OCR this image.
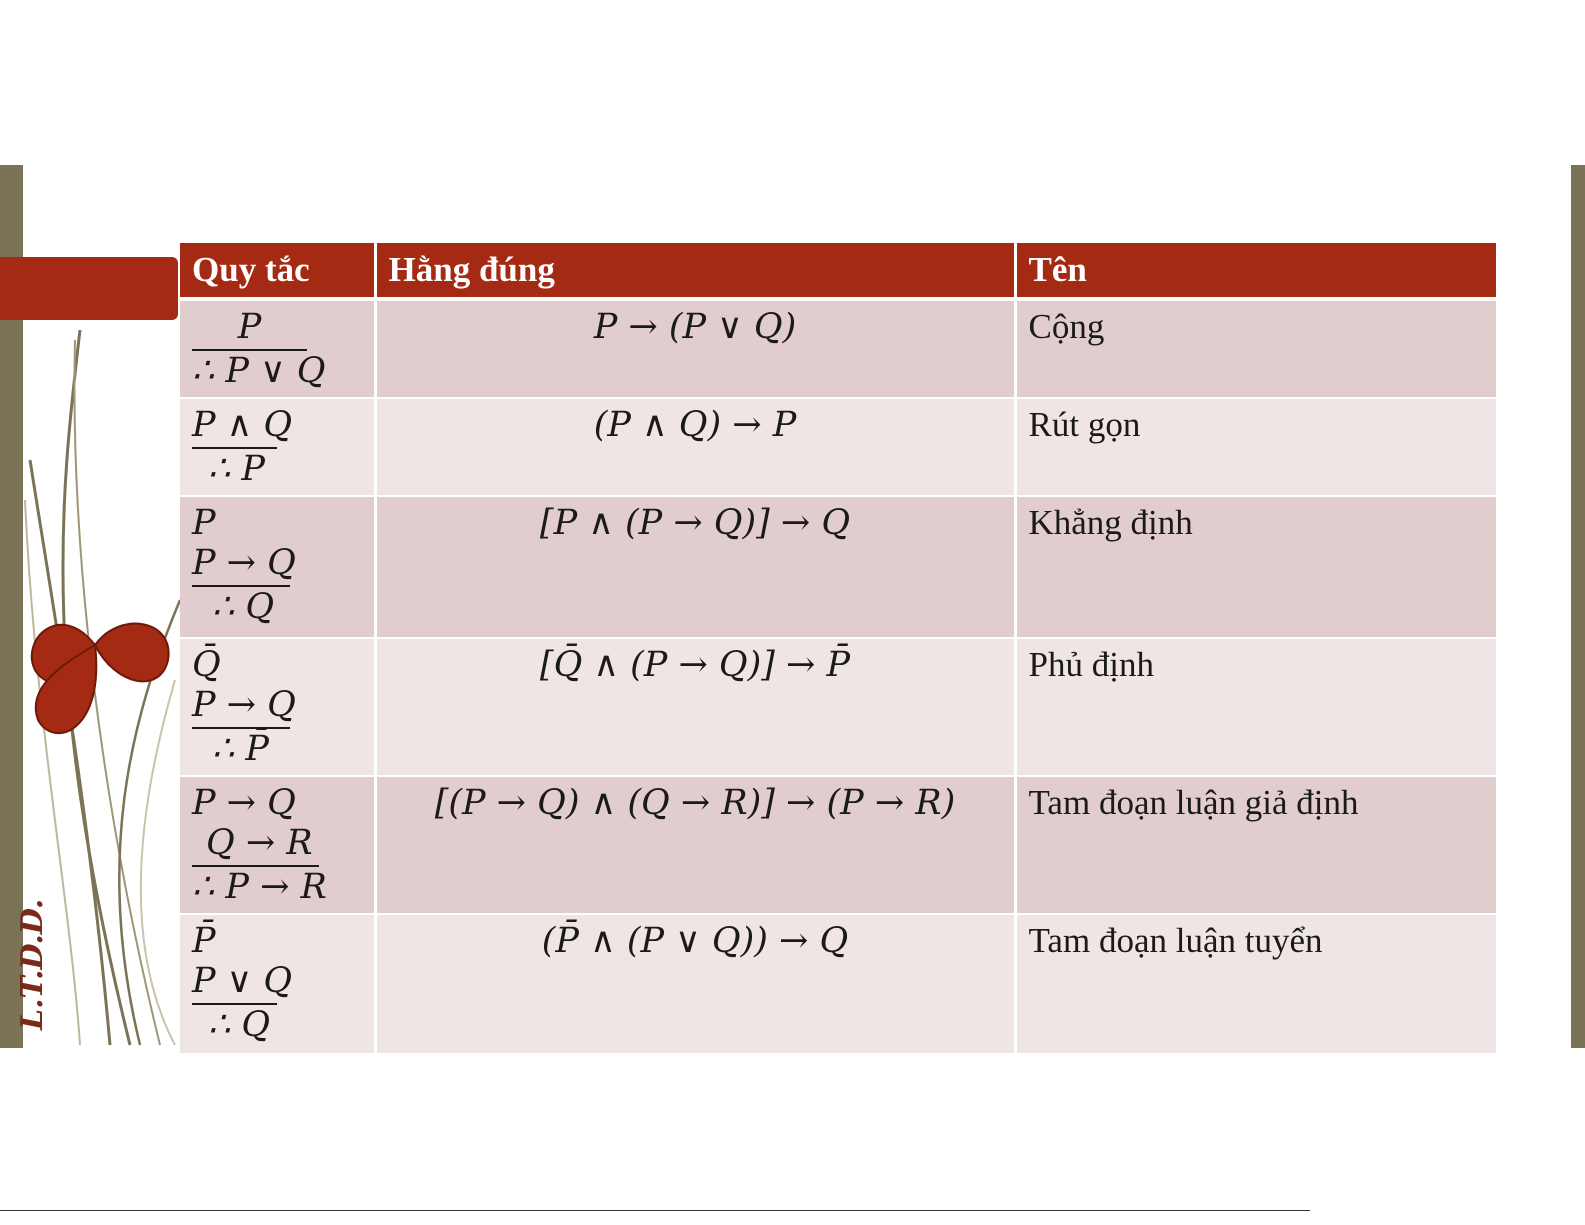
L.T.D.D.
Quy tắc	Hằng đúng	Tên

P
∴ P ∨ Q	P → (P ∨ Q)	Cộng

P ∧ Q
∴ P	(P ∧ Q) → P	Rút gọn

P
P → Q
∴ Q	[P ∧ (P → Q)] → Q	Khẳng định

Q̄
P → Q
∴ P̄	[Q̄ ∧ (P → Q)] → P̄	Phủ định

P → Q
Q → R
∴ P → R	[(P → Q) ∧ (Q → R)] → (P → R)	Tam đoạn luận giả định

P̄
P ∨ Q
∴ Q	(P̄ ∧ (P ∨ Q)) → Q	Tam đoạn luận tuyển
